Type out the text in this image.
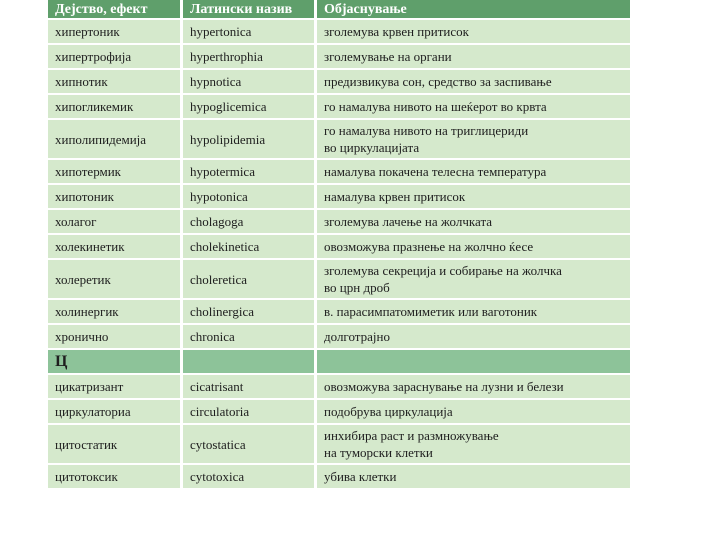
Дејство, ефект	Латински назив	Објаснување
хипертоник	hypertonica	зголемува крвен притисок
хипертрофија	hyperthrophia	зголемување на органи
хипнотик	hypnotica	предизвикува сон, средство за заспивање
хипогликемик	hypoglicemica	го намалува нивото на шеќерот во крвта
хиполипидемија	hypolipidemia	го намалува нивото на триглицериди
во циркулацијата
хипотермик	hypotermica	намалува покачена телесна температура
хипотоник	hypotonica	намалува крвен притисок
холагог	cholagoga	зголемува лачење на жолчката
холекинетик	cholekinetica	овозможува празнење на жолчно ќесе
холеретик	choleretica	зголемува секреција и собирање на жолчка
во црн дроб
холинергик	cholinergica	в. парасимпатомиметик или ваготоник
хронично	chronica	долготрајно
Ц		
цикатризант	cicatrisant	овозможува зараснување на лузни и белези
циркулаториа	circulatoria	подобрува циркулација
цитостатик	cytostatica	инхибира раст и размножување
на туморски клетки
цитотоксик	cytotoxica	убива клетки
